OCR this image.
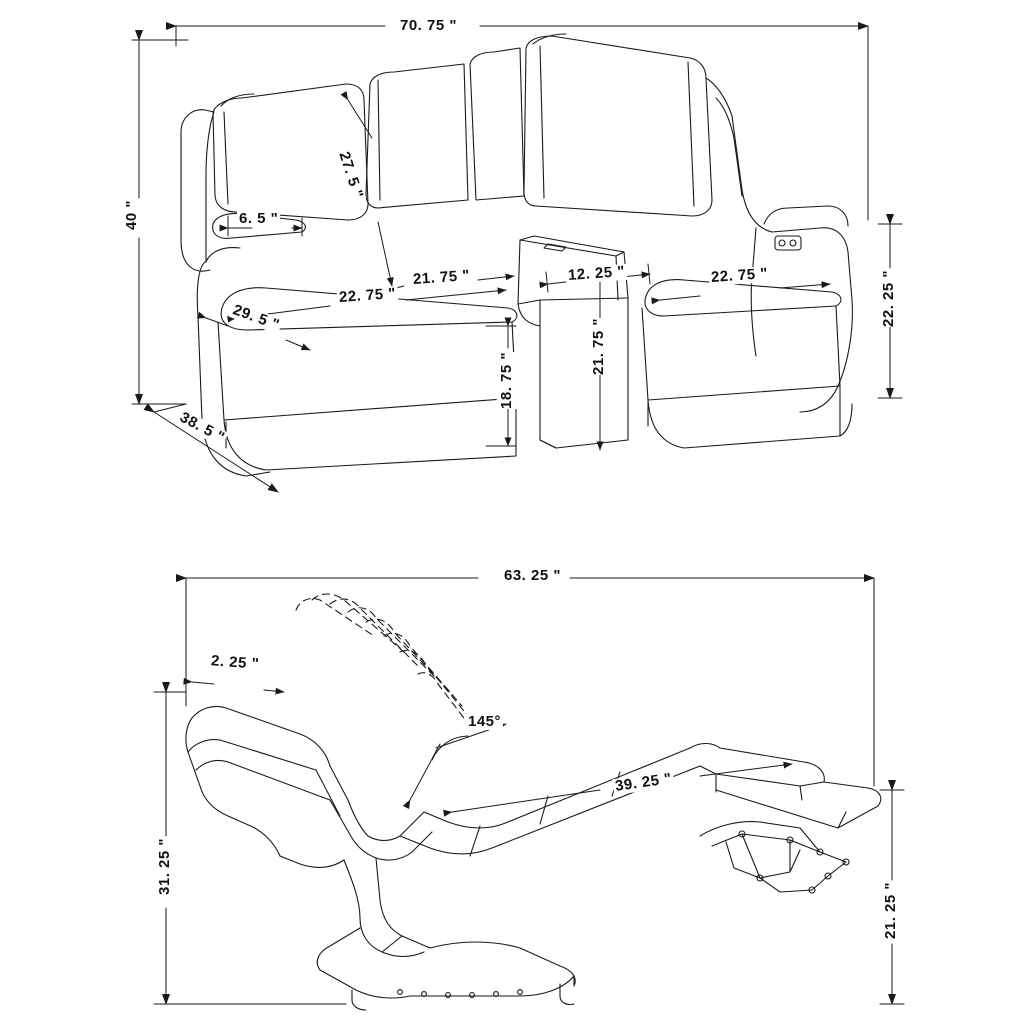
70. 75 "
40 "
27. 5 "
6. 5 "
22. 75 "
21. 75 "
29. 5 "
38. 5 "
18. 75 "
12. 25 "
21. 75 "
22. 75 "	22. 25 "
63. 25 "
2. 25 "
145°
39. 25 "
31. 25 "
21. 25 "
